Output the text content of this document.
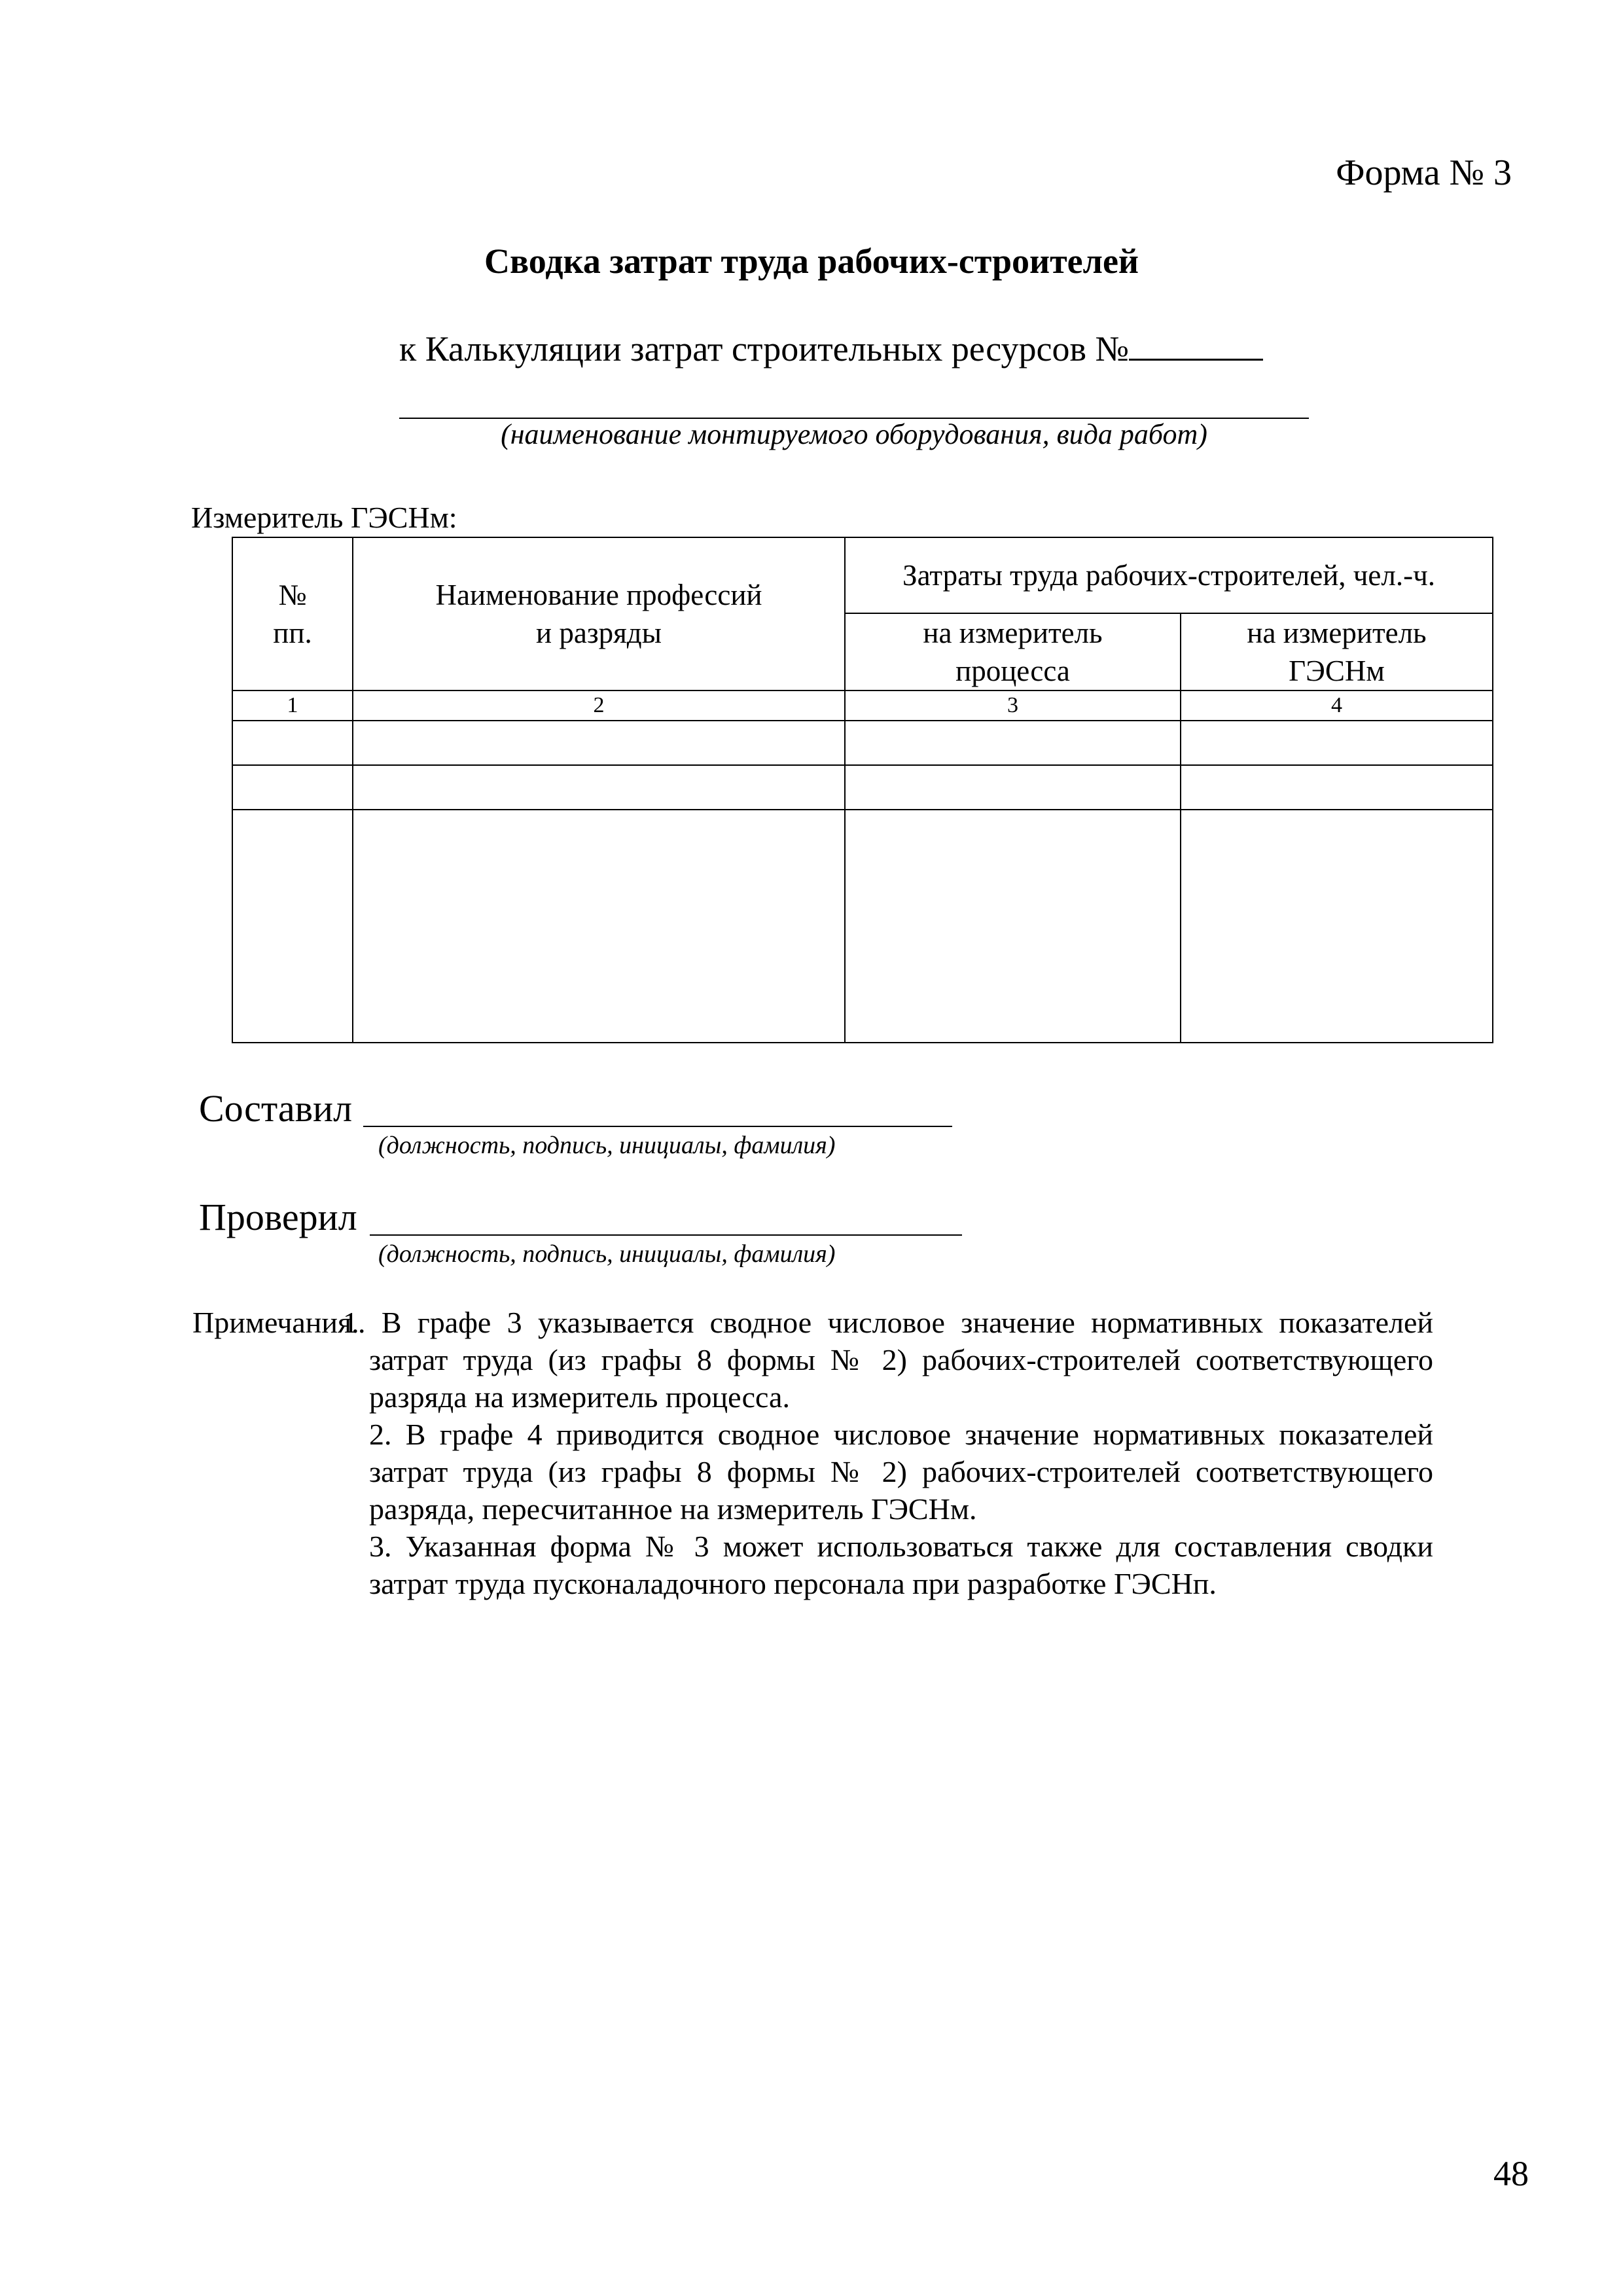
Форма № 3
Сводка затрат труда рабочих-строителей
к Калькуляции затрат строительных ресурсов №
(наименование монтируемого оборудования, вида работ)
Измеритель ГЭСНм:
№ пп.	Наименование профессий и разряды	Затраты труда рабочих-строителей, чел.-ч.	

		на измеритель процесса	на измеритель ГЭСНм

1	2	3	4

Составил
(должность, подпись, инициалы, фамилия)
Проверил
(должность, подпись, инициалы, фамилия)
Примечания.

1. В графе 3 указывается сводное числовое значение нормативных показателей затрат труда (из графы 8 формы № 2) рабочих-строителей соответствующего разряда на измеритель процесса.

2. В графе 4 приводится сводное числовое значение нормативных показателей затрат труда (из графы 8 формы № 2) рабочих-строителей соответствующего разряда, пересчитанное на измеритель ГЭСНм.

3. Указанная форма № 3 может использоваться также для составления сводки затрат труда пусконаладочного персонала при разработке ГЭСНп.

48
